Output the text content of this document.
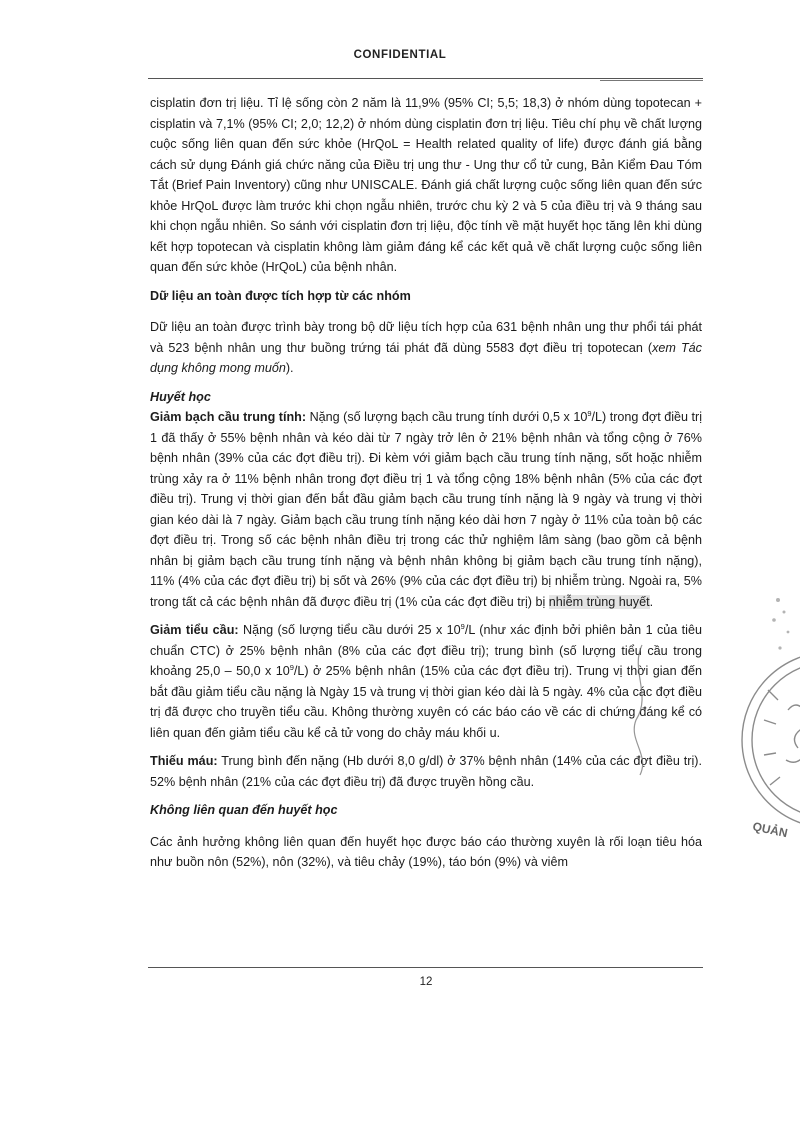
CONFIDENTIAL

cisplatin đơn trị liệu. Tỉ lệ sống còn 2 năm là 11,9% (95% CI; 5,5; 18,3) ở nhóm dùng topotecan + cisplatin và 7,1% (95% CI; 2,0; 12,2) ở nhóm dùng cisplatin đơn trị liệu. Tiêu chí phụ về chất lượng cuộc sống liên quan đến sức khỏe (HrQoL = Health related quality of life) được đánh giá bằng cách sử dụng Đánh giá chức năng của Điều trị ung thư - Ung thư cổ tử cung, Bản Kiểm Đau Tóm Tắt (Brief Pain Inventory) cũng như UNISCALE. Đánh giá chất lượng cuộc sống liên quan đến sức khỏe HrQoL được làm trước khi chọn ngẫu nhiên, trước chu kỳ 2 và 5 của điều trị và 9 tháng sau khi chọn ngẫu nhiên. So sánh với cisplatin đơn trị liệu, độc tính về mặt huyết học tăng lên khi dùng kết hợp topotecan và cisplatin không làm giảm đáng kể các kết quả về chất lượng cuộc sống liên quan đến sức khỏe (HrQoL) của bệnh nhân.

Dữ liệu an toàn được tích hợp từ các nhóm

Dữ liệu an toàn được trình bày trong bộ dữ liệu tích hợp của 631 bệnh nhân ung thư phổi tái phát và 523 bệnh nhân ung thư buồng trứng tái phát đã dùng 5583 đợt điều trị topotecan (xem Tác dụng không mong muốn).

Huyết học

Giảm bạch cầu trung tính: Nặng (số lượng bạch cầu trung tính dưới 0,5 x $10^9/L$) trong đợt điều trị 1 đã thấy ở 55% bệnh nhân và kéo dài từ 7 ngày trở lên ở 21% bệnh nhân và tổng cộng ở 76% bệnh nhân (39% của các đợt điều trị). Đi kèm với giảm bạch cầu trung tính nặng, sốt hoặc nhiễm trùng xảy ra ở 11% bệnh nhân trong đợt điều trị 1 và tổng cộng 18% bệnh nhân (5% của các đợt điều trị). Trung vị thời gian đến bắt đầu giảm bạch cầu trung tính nặng là 9 ngày và trung vị thời gian kéo dài là 7 ngày. Giảm bạch cầu trung tính nặng kéo dài hơn 7 ngày ở 11% của toàn bộ các đợt điều trị. Trong số các bệnh nhân điều trị trong các thử nghiệm lâm sàng (bao gồm cả bệnh nhân bị giảm bạch cầu trung tính nặng và bệnh nhân không bị giảm bạch cầu trung tính nặng), 11% (4% của các đợt điều trị) bị sốt và 26% (9% của các đợt điều trị) bị nhiễm trùng. Ngoài ra, 5% trong tất cả các bệnh nhân đã được điều trị (1% của các đợt điều trị) bị nhiễm trùng huyết.

Giảm tiểu cầu: Nặng (số lượng tiểu cầu dưới 25 x $10^9/L$ (như xác định bởi phiên bản 1 của tiêu chuẩn CTC) ở 25% bệnh nhân (8% của các đợt điều trị); trung bình (số lượng tiểu cầu trong khoảng 25,0 – 50,0 x $10^9/L$) ở 25% bệnh nhân (15% của các đợt điều trị). Trung vị thời gian đến bắt đầu giảm tiểu cầu nặng là Ngày 15 và trung vị thời gian kéo dài là 5 ngày. 4% của các đợt điều trị đã được cho truyền tiểu cầu. Không thường xuyên có các báo cáo về các di chứng đáng kể có liên quan đến giảm tiểu cầu kể cả tử vong do chảy máu khối u.

Thiếu máu: Trung bình đến nặng (Hb dưới 8,0 g/dl) ở 37% bệnh nhân (14% của các đợt điều trị). 52% bệnh nhân (21% của các đợt điều trị) đã được truyền hồng cầu.

Không liên quan đến huyết học

Các ảnh hưởng không liên quan đến huyết học được báo cáo thường xuyên là rối loạn tiêu hóa như buồn nôn (52%), nôn (32%), và tiêu chảy (19%), táo bón (9%) và viêm

12
QUẢN
